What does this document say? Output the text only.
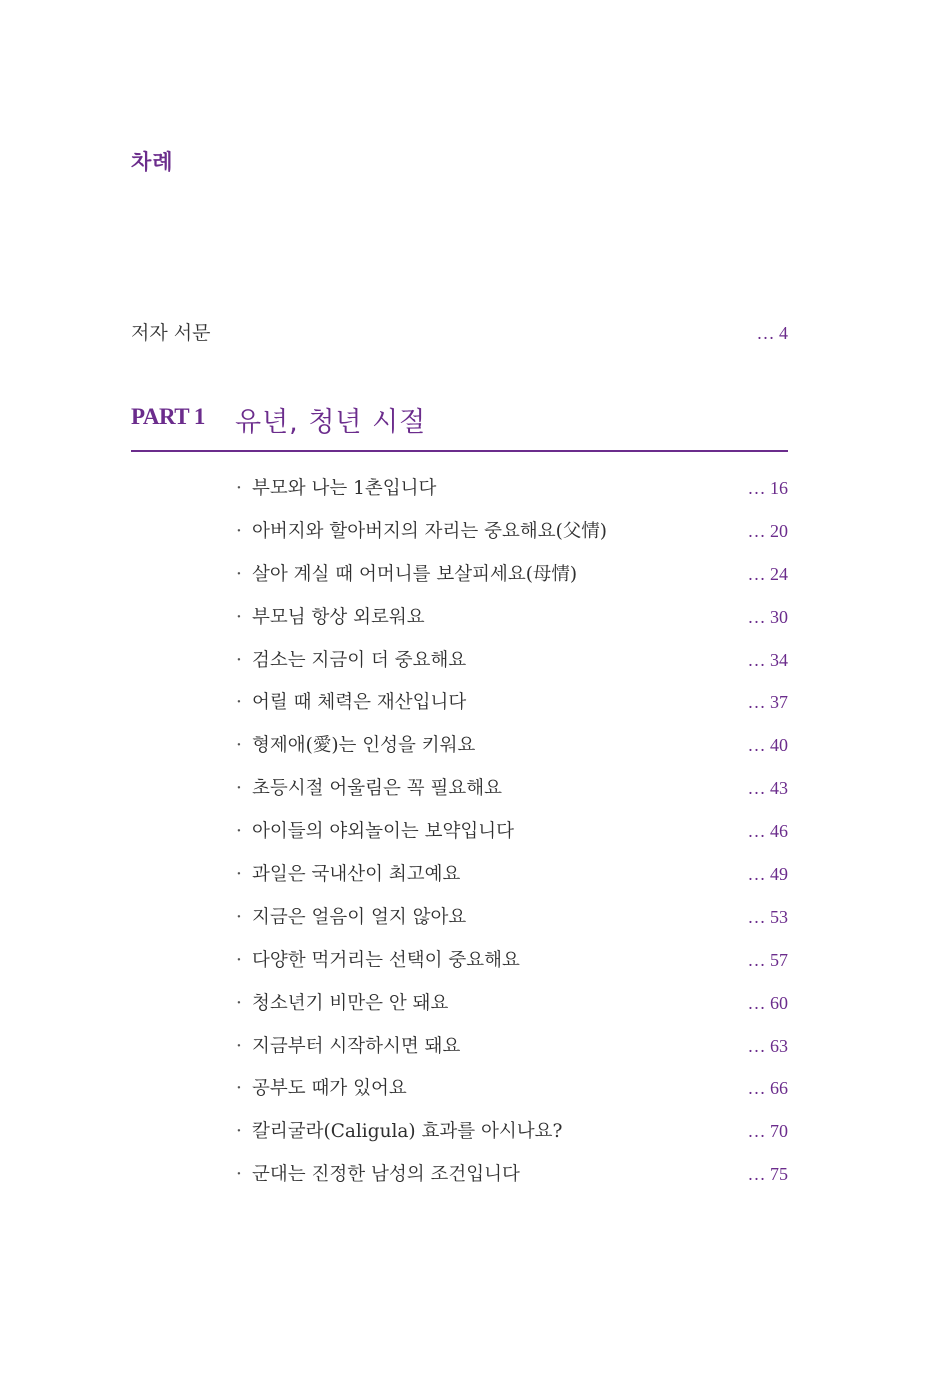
차례
저자 서문	… 4
PART 1 유년, 청년 시절
· 부모와 나는 1촌입니다	… 16
· 아버지와 할아버지의 자리는 중요해요(父情)	… 20
· 살아 계실 때 어머니를 보살피세요(母情)	… 24
· 부모님 항상 외로워요	… 30
· 검소는 지금이 더 중요해요	… 34
· 어릴 때 체력은 재산입니다	… 37
· 형제애(愛)는 인성을 키워요	… 40
· 초등시절 어울림은 꼭 필요해요	… 43
· 아이들의 야외놀이는 보약입니다	… 46
· 과일은 국내산이 최고예요	… 49
· 지금은 얼음이 얼지 않아요	… 53
· 다양한 먹거리는 선택이 중요해요	… 57
· 청소년기 비만은 안 돼요	… 60
· 지금부터 시작하시면 돼요	… 63
· 공부도 때가 있어요	… 66
· 칼리굴라(Caligula) 효과를 아시나요?	… 70
· 군대는 진정한 남성의 조건입니다	… 75
